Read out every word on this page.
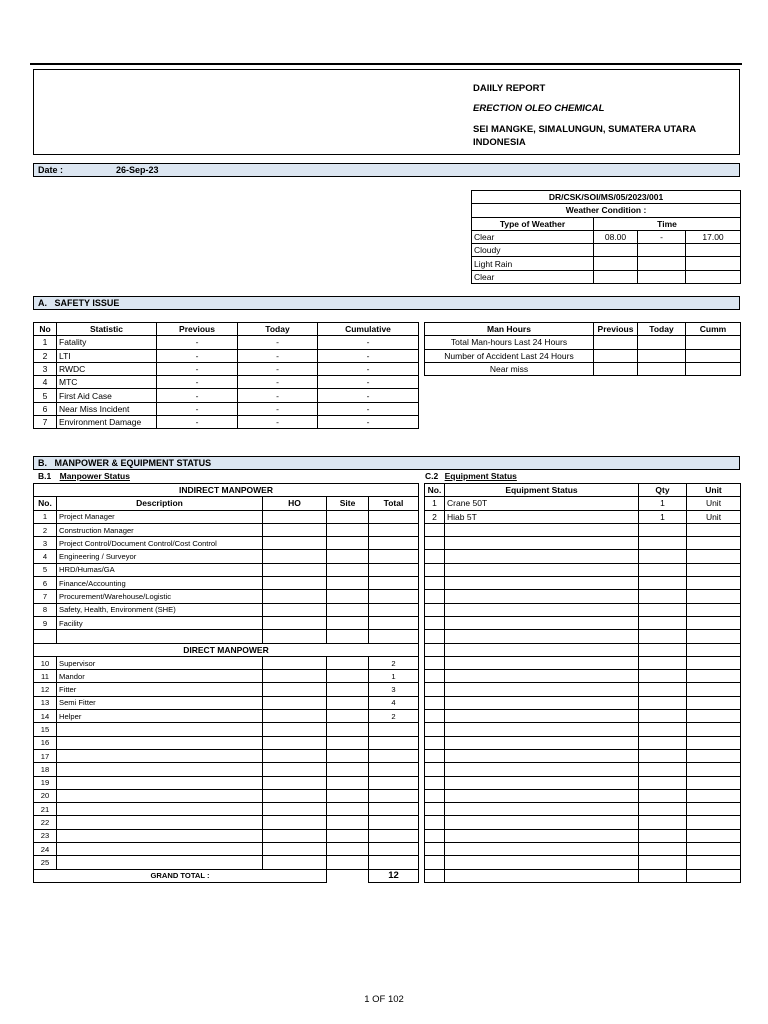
DAIILY REPORT
ERECTION OLEO CHEMICAL
SEI MANGKE, SIMALUNGUN, SUMATERA UTARA
INDONESIA
Date :	26-Sep-23
DR/CSK/SOI/MS/05/2023/001			
Weather Condition :			
Type of Weather	Time		
Clear	08.00	-	17.00
Cloudy			
Light Rain			
Clear			
A.   SAFETY ISSUE
No	Statistic	Previous	Today	Cumulative
1	Fatality	-	-	-
2	LTI	-	-	-
3	RWDC	-	-	-
4	MTC	-	-	-
5	First Aid Case	-	-	-
6	Near Miss Incident	-	-	-
7	Environment Damage	-	-	-
Man Hours	Previous	Today	Cumm
Total Man-hours Last 24 Hours			
Number of Accident Last 24 Hours			
Near miss			
B.   MANPOWER & EQUIPMENT STATUS
B.1 Manpower Status	C.2 Equipment Status
INDIRECT MANPOWER				
No.	Description	HO	Site	Total
1	Project Manager			
2	Construction Manager			
3	Project Control/Document Control/Cost Control			
4	Engineering / Surveyor			
5	HRD/Humas/GA			
6	Finance/Accounting			
7	Procurement/Warehouse/Logistic			
8	Safety, Health, Environment (SHE)			
9	Facility			

DIRECT MANPOWER				
10	Supervisor			2
11	Mandor			1
12	Fitter			3
13	Semi Fitter			4
14	Helper			2
15				
16				
17				
18				
19				
20				
21				
22				
23				
24				
25				
GRAND TOTAL :				12
No.	Equipment Status	Qty	Unit
1	Crane 50T	1	Unit
2	Hiab 5T	1	Unit

1 OF 102
